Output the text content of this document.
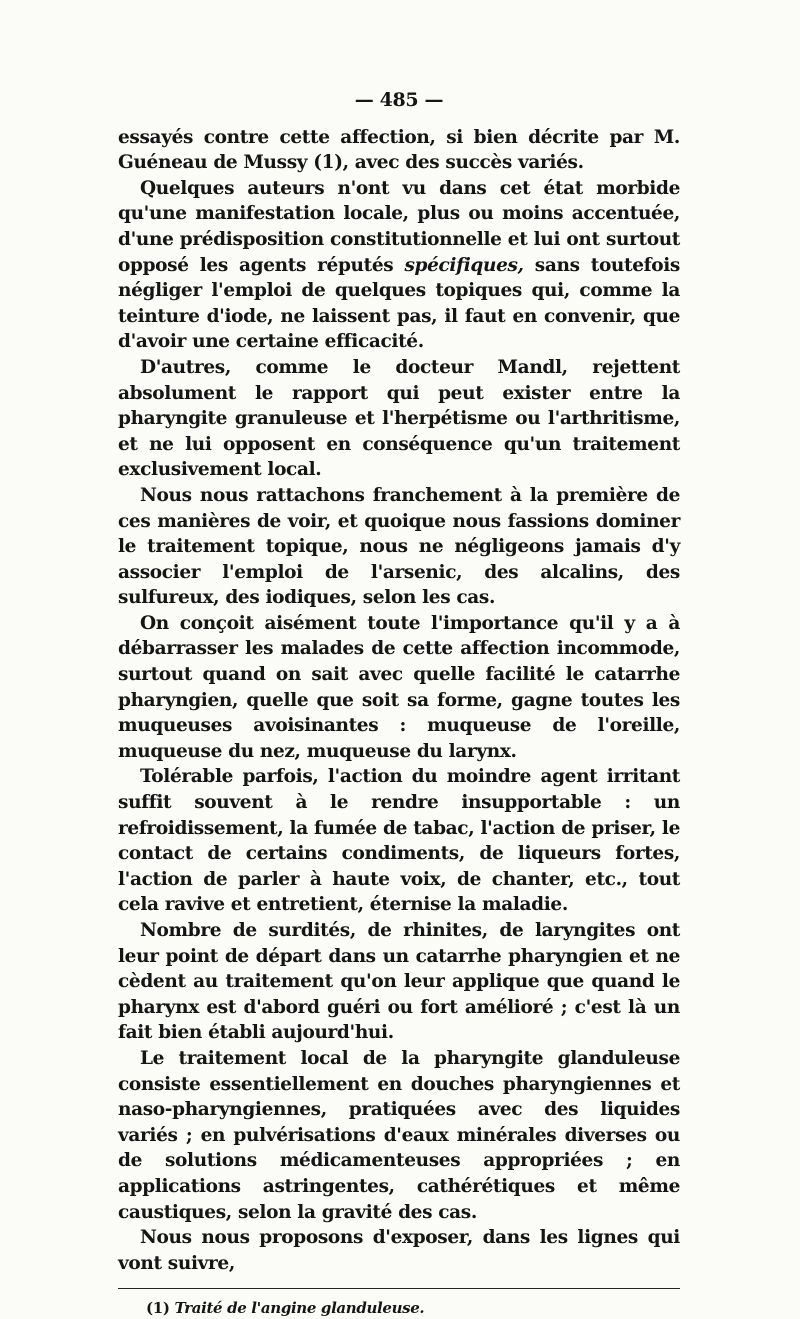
— 485 —

essayés contre cette affection, si bien décrite par M. Guéneau de Mussy (1), avec des succès variés.

Quelques auteurs n'ont vu dans cet état morbide qu'une manifestation locale, plus ou moins accentuée, d'une prédisposition constitutionnelle et lui ont surtout opposé les agents réputés spécifiques, sans toutefois négliger l'emploi de quelques topiques qui, comme la teinture d'iode, ne laissent pas, il faut en convenir, que d'avoir une certaine efficacité.

D'autres, comme le docteur Mandl, rejettent absolument le rapport qui peut exister entre la pharyngite granuleuse et l'herpétisme ou l'arthritisme, et ne lui opposent en conséquence qu'un traitement exclusivement local.

Nous nous rattachons franchement à la première de ces manières de voir, et quoique nous fassions dominer le traitement topique, nous ne négligeons jamais d'y associer l'emploi de l'arsenic, des alcalins, des sulfureux, des iodiques, selon les cas.

On conçoit aisément toute l'importance qu'il y a à débarrasser les malades de cette affection incommode, surtout quand on sait avec quelle facilité le catarrhe pharyngien, quelle que soit sa forme, gagne toutes les muqueuses avoisinantes : muqueuse de l'oreille, muqueuse du nez, muqueuse du larynx.

Tolérable parfois, l'action du moindre agent irritant suffit souvent à le rendre insupportable : un refroidissement, la fumée de tabac, l'action de priser, le contact de certains condiments, de liqueurs fortes, l'action de parler à haute voix, de chanter, etc., tout cela ravive et entretient, éternise la maladie.

Nombre de surdités, de rhinites, de laryngites ont leur point de départ dans un catarrhe pharyngien et ne cèdent au traitement qu'on leur applique que quand le pharynx est d'abord guéri ou fort amélioré ; c'est là un fait bien établi aujourd'hui.

Le traitement local de la pharyngite glanduleuse consiste essentiellement en douches pharyngiennes et naso-pharyngiennes, pratiquées avec des liquides variés ; en pulvérisations d'eaux minérales diverses ou de solutions médicamenteuses appropriées ; en applications astringentes, cathérétiques et même caustiques, selon la gravité des cas.

Nous nous proposons d'exposer, dans les lignes qui vont suivre,

(1) Traité de l'angine glanduleuse.
